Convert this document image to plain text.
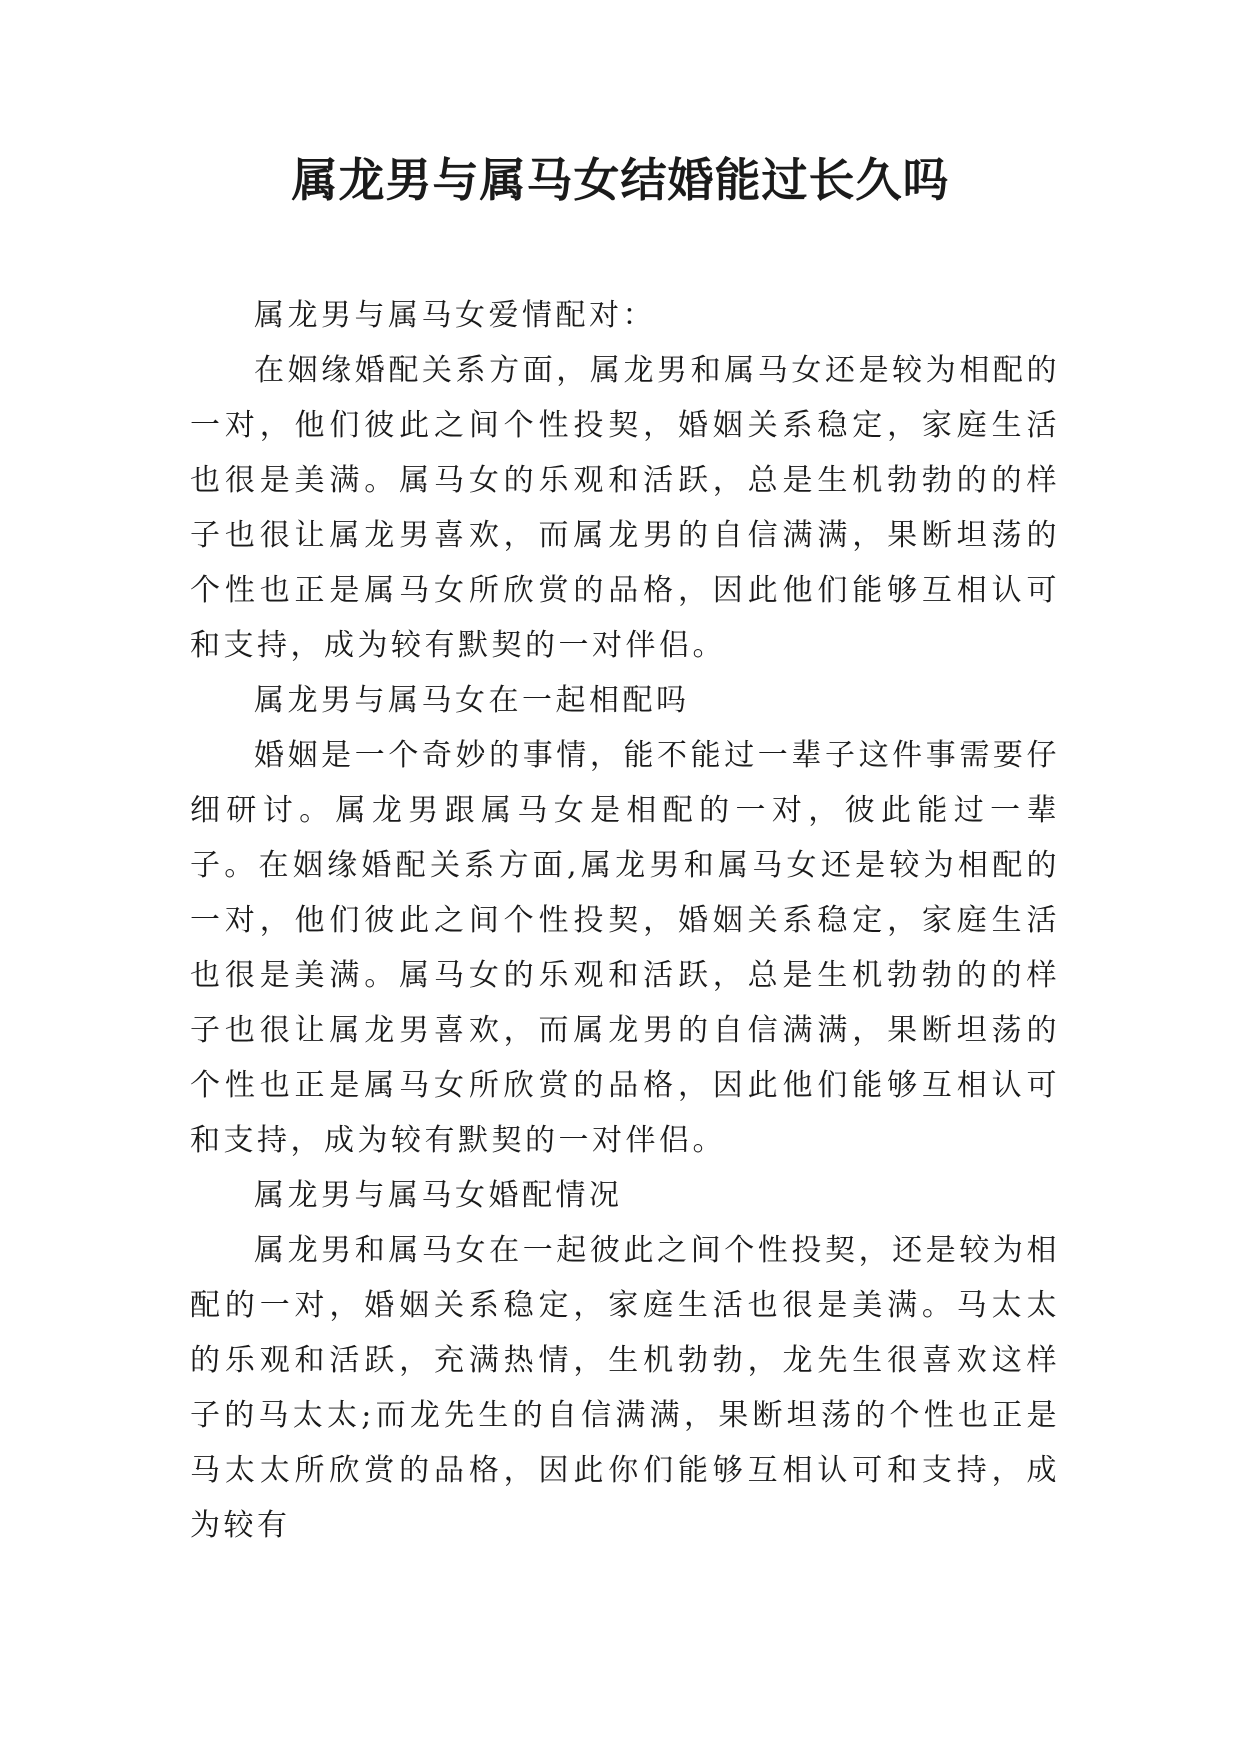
属龙男与属马女结婚能过长久吗

属龙男与属马女爱情配对：

在姻缘婚配关系方面，属龙男和属马女还是较为相配的一对，他们彼此之间个性投契，婚姻关系稳定，家庭生活也很是美满。属马女的乐观和活跃，总是生机勃勃的的样子也很让属龙男喜欢，而属龙男的自信满满，果断坦荡的个性也正是属马女所欣赏的品格，因此他们能够互相认可和支持，成为较有默契的一对伴侣。

属龙男与属马女在一起相配吗

婚姻是一个奇妙的事情，能不能过一辈子这件事需要仔细研讨。属龙男跟属马女是相配的一对，彼此能过一辈子。在姻缘婚配关系方面,属龙男和属马女还是较为相配的一对，他们彼此之间个性投契，婚姻关系稳定，家庭生活也很是美满。属马女的乐观和活跃，总是生机勃勃的的样子也很让属龙男喜欢，而属龙男的自信满满，果断坦荡的个性也正是属马女所欣赏的品格，因此他们能够互相认可和支持，成为较有默契的一对伴侣。

属龙男与属马女婚配情况

属龙男和属马女在一起彼此之间个性投契，还是较为相配的一对，婚姻关系稳定，家庭生活也很是美满。马太太的乐观和活跃，充满热情，生机勃勃，龙先生很喜欢这样子的马太太;而龙先生的自信满满，果断坦荡的个性也正是马太太所欣赏的品格，因此你们能够互相认可和支持，成为较有
